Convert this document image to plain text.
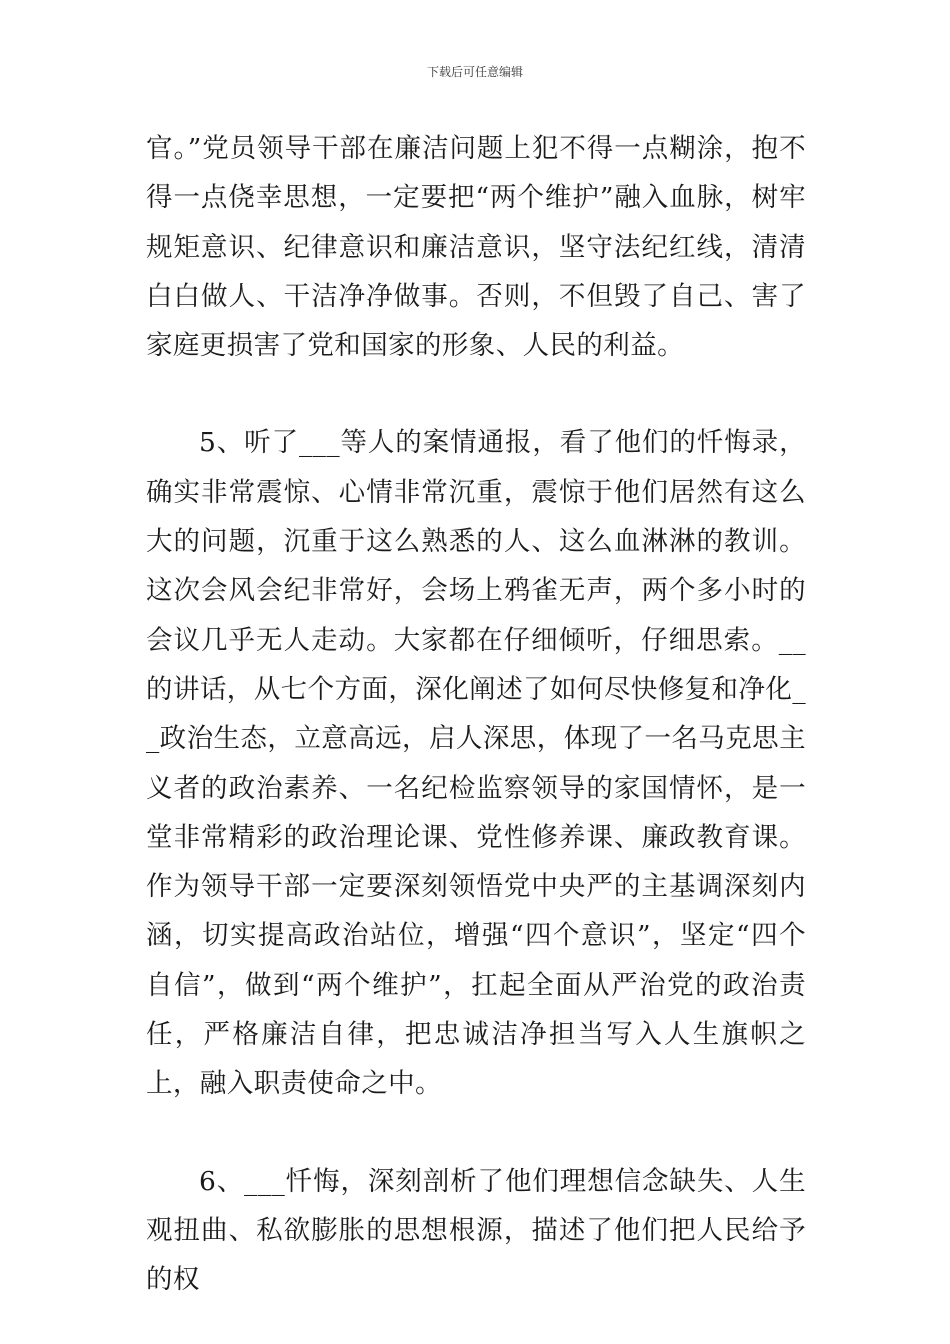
下载后可任意编辑

官。”党员领导干部在廉洁问题上犯不得一点糊涂，抱不得一点侥幸思想，一定要把“两个维护”融入血脉，树牢规矩意识、纪律意识和廉洁意识，坚守法纪红线，清清白白做人、干洁净净做事。否则，不但毁了自己、害了家庭更损害了党和国家的形象、人民的利益。

5、听了___等人的案情通报，看了他们的忏悔录，确实非常震惊、心情非常沉重，震惊于他们居然有这么大的问题，沉重于这么熟悉的人、这么血淋淋的教训。这次会风会纪非常好，会场上鸦雀无声，两个多小时的会议几乎无人走动。大家都在仔细倾听，仔细思索。__的讲话，从七个方面，深化阐述了如何尽快修复和净化__政治生态，立意高远，启人深思，体现了一名马克思主义者的政治素养、一名纪检监察领导的家国情怀，是一堂非常精彩的政治理论课、党性修养课、廉政教育课。作为领导干部一定要深刻领悟党中央严的主基调深刻内涵，切实提高政治站位，增强“四个意识”，坚定“四个自信”，做到“两个维护”，扛起全面从严治党的政治责任，严格廉洁自律，把忠诚洁净担当写入人生旗帜之上，融入职责使命之中。

6、___忏悔，深刻剖析了他们理想信念缺失、人生观扭曲、私欲膨胀的思想根源，描述了他们把人民给予的权
